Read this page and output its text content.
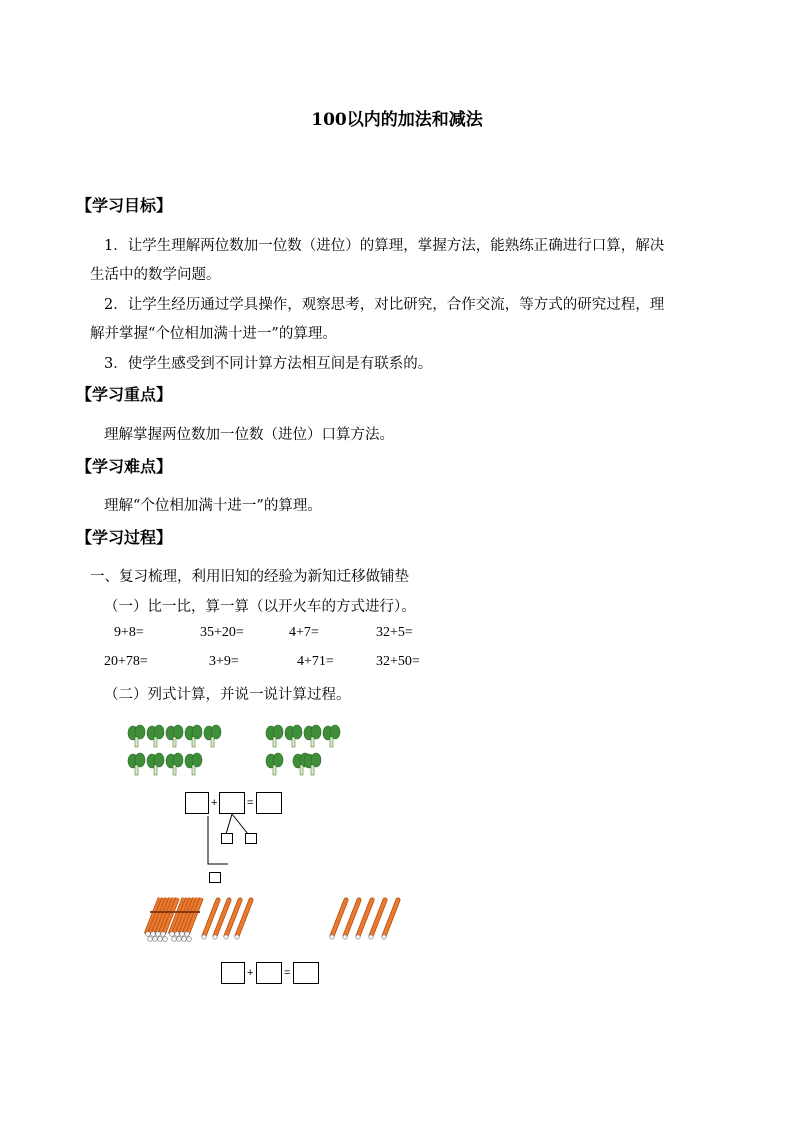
100以内的加法和减法
【学习目标】
1．让学生理解两位数加一位数（进位）的算理，掌握方法，能熟练正确进行口算，解决
生活中的数学问题。
2．让学生经历通过学具操作，观察思考，对比研究，合作交流，等方式的研究过程，理
解并掌握“个位相加满十进一”的算理。
3．使学生感受到不同计算方法相互间是有联系的。
【学习重点】
理解掌握两位数加一位数（进位）口算方法。
【学习难点】
理解“个位相加满十进一”的算理。
【学习过程】
一、复习梳理，利用旧知的经验为新知迁移做铺垫
（一）比一比，算一算（以开火车的方式进行）。
9+8=	35+20=	4+7=	32+5=
20+78=	3+9=	4+71=	32+50=
（二）列式计算，并说一说计算过程。
+	=
+	=
